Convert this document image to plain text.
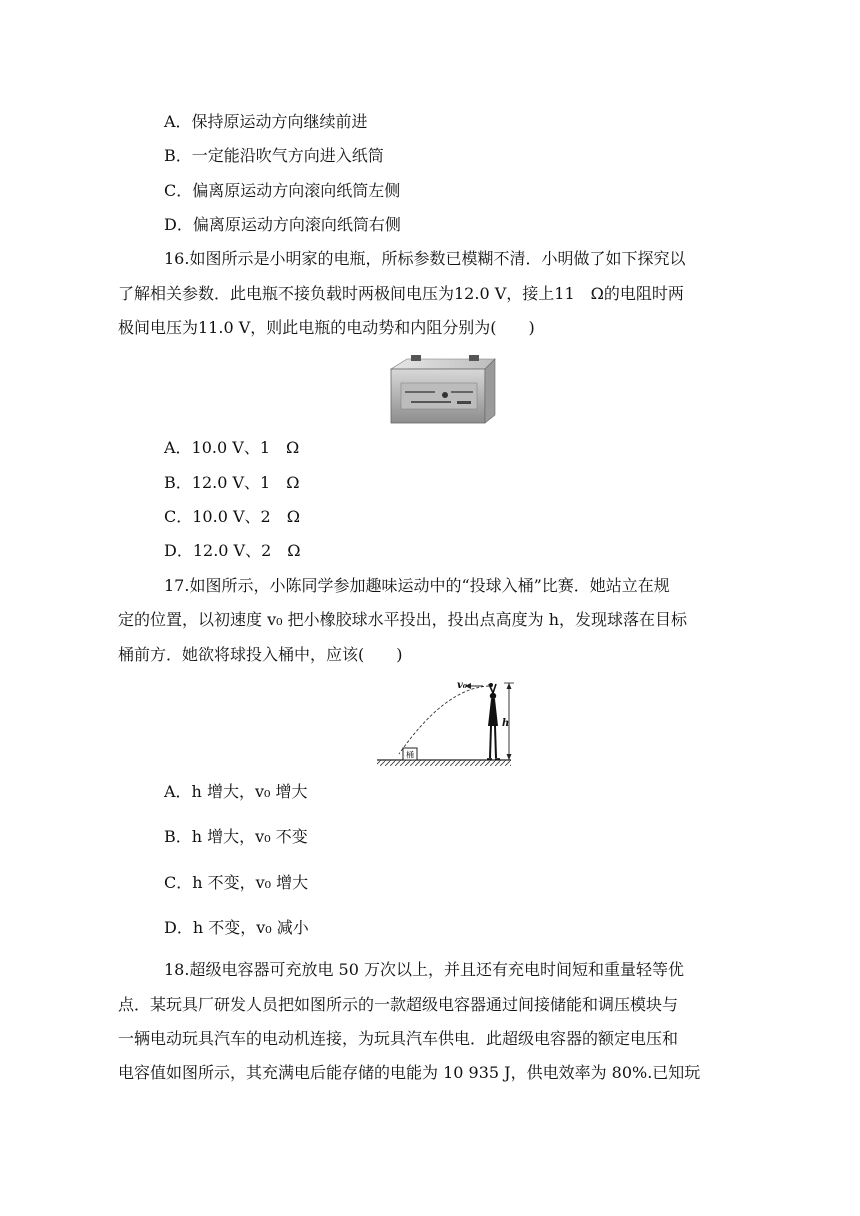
A．保持原运动方向继续前进
B．一定能沿吹气方向进入纸筒
C．偏离原运动方向滚向纸筒左侧
D．偏离原运动方向滚向纸筒右侧
16.如图所示是小明家的电瓶，所标参数已模糊不清．小明做了如下探究以
了解相关参数．此电瓶不接负载时两极间电压为12.0 V，接上11　Ω的电阻时两
极间电压为11.0 V，则此电瓶的电动势和内阻分别为(　　)
A．10.0 V、1　Ω
B．12.0 V、1　Ω
C．10.0 V、2　Ω
D．12.0 V、2　Ω
17.如图所示，小陈同学参加趣味运动中的“投球入桶”比赛．她站立在规
定的位置，以初速度 v₀ 把小橡胶球水平投出，投出点高度为 h，发现球落在目标
桶前方．她欲将球投入桶中，应该(　　)
桶
v₀
h
A．h 增大，v₀ 增大
B．h 增大，v₀ 不变
C．h 不变，v₀ 增大
D．h 不变，v₀ 减小
18.超级电容器可充放电 50 万次以上，并且还有充电时间短和重量轻等优
点．某玩具厂研发人员把如图所示的一款超级电容器通过间接储能和调压模块与
一辆电动玩具汽车的电动机连接，为玩具汽车供电．此超级电容器的额定电压和
电容值如图所示，其充满电后能存储的电能为 10 935 J，供电效率为 80%.已知玩
